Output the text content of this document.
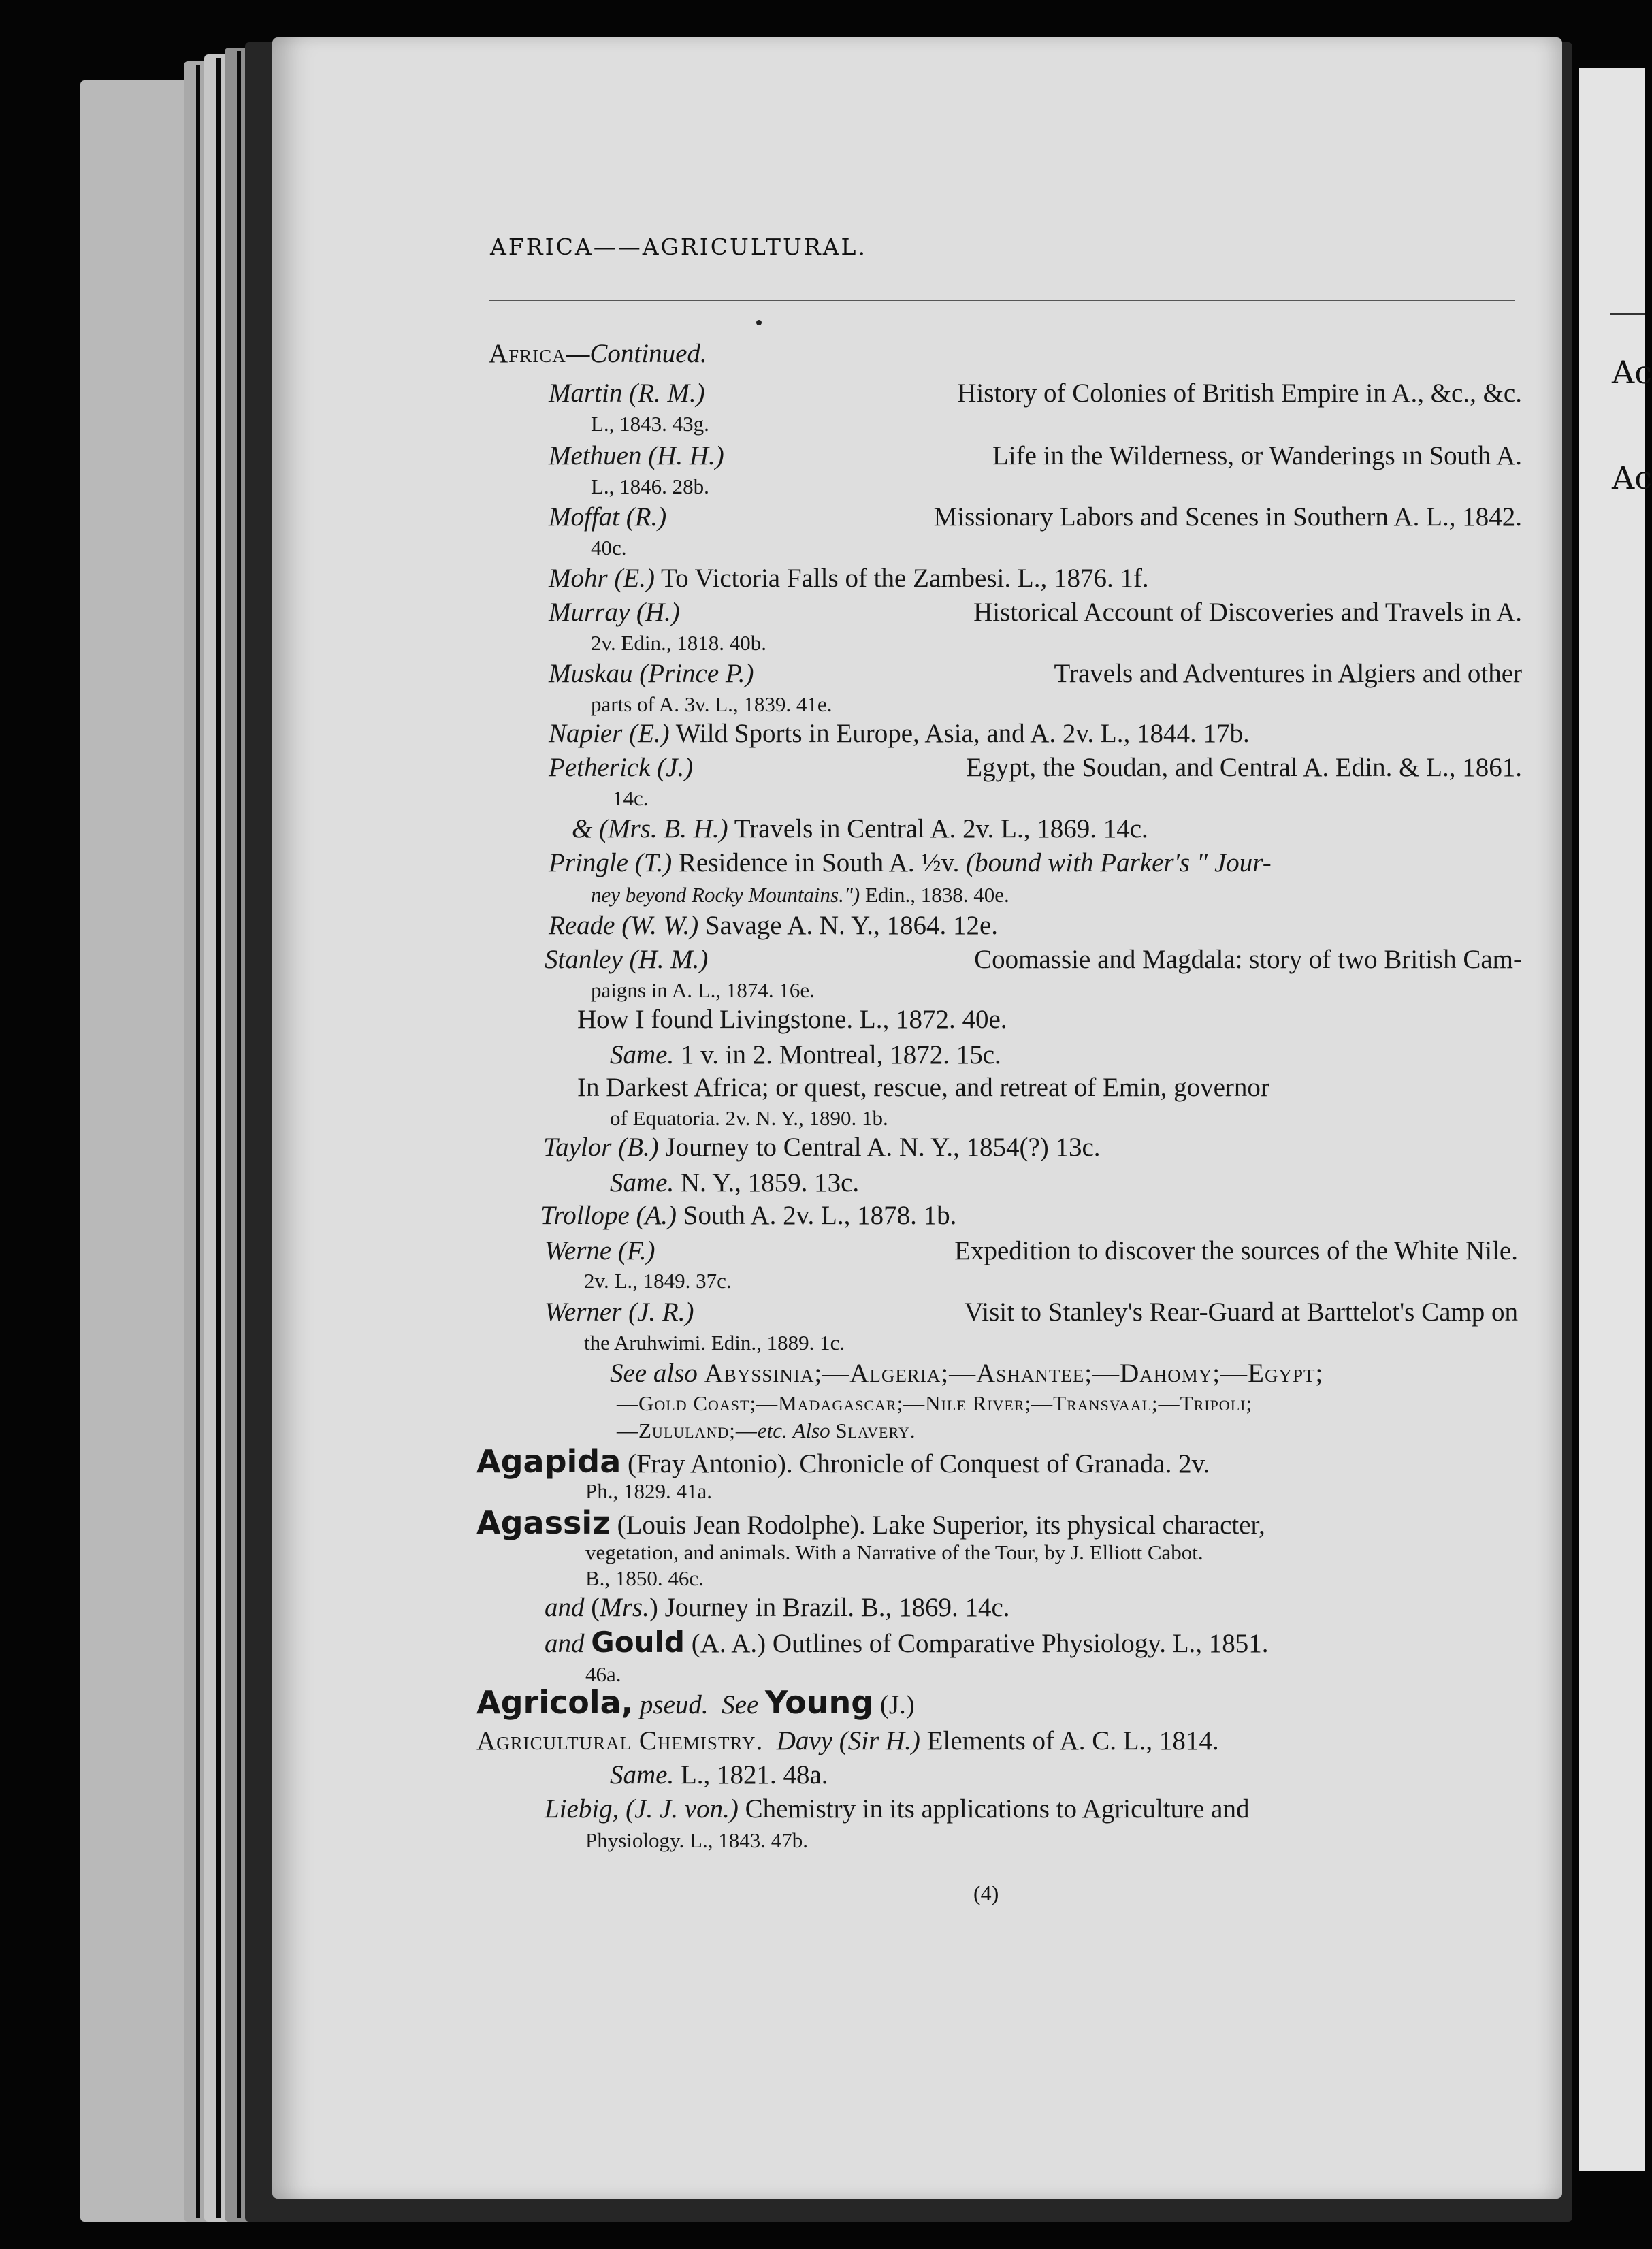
Ac
Ac
AFRICA——AGRICULTURAL.
Africa—Continued.
Martin (R. M.)	History of Colonies of British Empire in A., &c., &c.
L., 1843. 43g.
Methuen (H. H.)	Life in the Wilderness, or Wanderings ın South A.
L., 1846. 28b.
Moffat (R.)	Missionary Labors and Scenes in Southern A. L., 1842.
40c.
Mohr (E.) To Victoria Falls of the Zambesi. L., 1876. 1f.
Murray (H.)	Historical Account of Discoveries and Travels in A.
2v. Edin., 1818. 40b.
Muskau (Prince P.)	Travels and Adventures in Algiers and other
parts of A. 3v. L., 1839. 41e.
Napier (E.) Wild Sports in Europe, Asia, and A. 2v. L., 1844. 17b.
Petherick (J.)	Egypt, the Soudan, and Central A. Edin. & L., 1861.
14c.
& (Mrs. B. H.) Travels in Central A. 2v. L., 1869. 14c.
Pringle (T.) Residence in South A. ½v. (bound with Parker's " Jour-
ney beyond Rocky Mountains.") Edin., 1838. 40e.
Reade (W. W.) Savage A. N. Y., 1864. 12e.
Stanley (H. M.)	Coomassie and Magdala: story of two British Cam-
paigns in A. L., 1874. 16e.
How I found Livingstone. L., 1872. 40e.
Same. 1 v. in 2. Montreal, 1872. 15c.
In Darkest Africa; or quest, rescue, and retreat of Emin, governor
of Equatoria. 2v. N. Y., 1890. 1b.
Taylor (B.) Journey to Central A. N. Y., 1854(?) 13c.
Same. N. Y., 1859. 13c.
Trollope (A.) South A. 2v. L., 1878. 1b.
Werne (F.)	Expedition to discover the sources of the White Nile.
2v. L., 1849. 37c.
Werner (J. R.)	Visit to Stanley's Rear-Guard at Barttelot's Camp on
the Aruhwimi. Edin., 1889. 1c.
See also Abyssinia;—Algeria;—Ashantee;—Dahomy;—Egypt;
—Gold Coast;—Madagascar;—Nile River;—Transvaal;—Tripoli;
—Zululand;—etc. Also Slavery.
Agapida (Fray Antonio). Chronicle of Conquest of Granada. 2v.
Ph., 1829. 41a.
Agassiz (Louis Jean Rodolphe). Lake Superior, its physical character,
vegetation, and animals. With a Narrative of the Tour, by J. Elliott Cabot.
B., 1850. 46c.
and (Mrs.) Journey in Brazil. B., 1869. 14c.
and Gould (A. A.) Outlines of Comparative Physiology. L., 1851.
46a.
Agricola, pseud. See Young (J.)
Agricultural Chemistry. Davy (Sir H.) Elements of A. C. L., 1814.
Same. L., 1821. 48a.
Liebig, (J. J. von.) Chemistry in its applications to Agriculture and
Physiology. L., 1843. 47b.
(4)
